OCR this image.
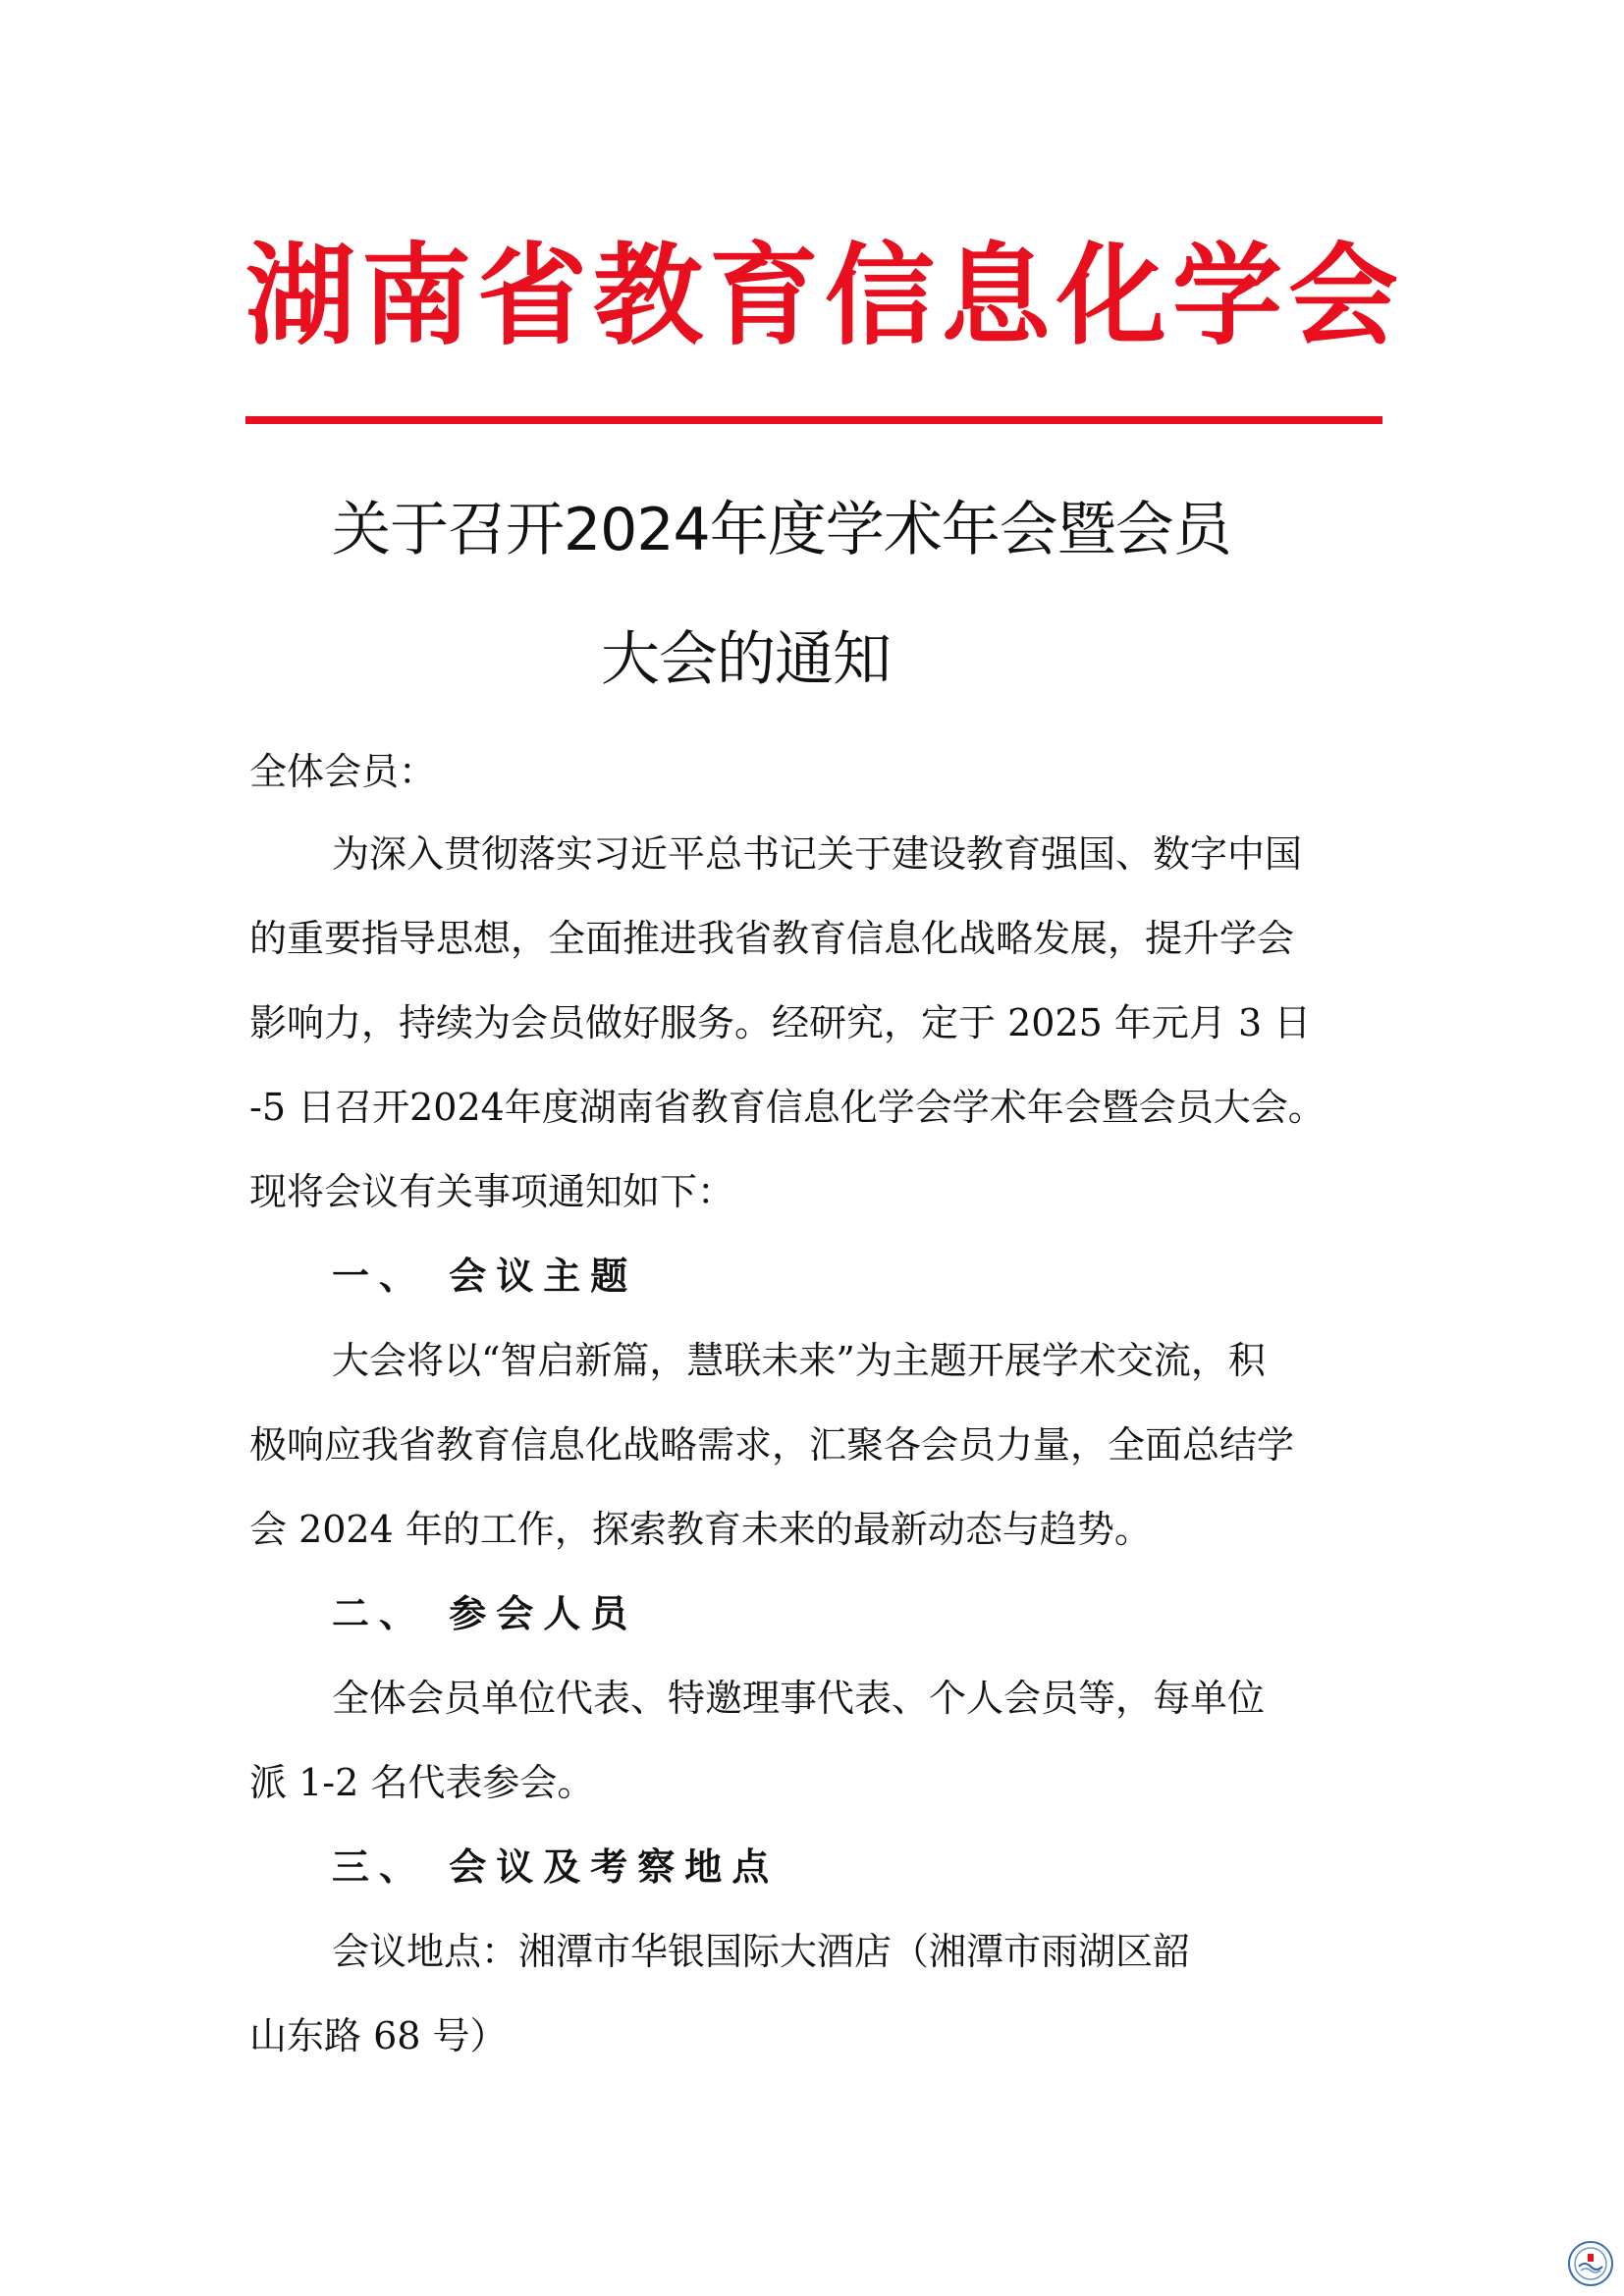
湖南省教育信息化学会
关于召开2024年度学术年会暨会员
大会的通知
全体会员：
为深入贯彻落实习近平总书记关于建设教育强国、数字中国
的重要指导思想，全面推进我省教育信息化战略发展，提升学会
影响力，持续为会员做好服务。经研究，定于 2025 年元月 3 日
-5 日召开2024年度湖南省教育信息化学会学术年会暨会员大会。
现将会议有关事项通知如下：
一、 会议主题
大会将以“智启新篇，慧联未来”为主题开展学术交流，积
极响应我省教育信息化战略需求，汇聚各会员力量，全面总结学
会 2024 年的工作，探索教育未来的最新动态与趋势。
二、 参会人员
全体会员单位代表、特邀理事代表、个人会员等，每单位
派 1-2 名代表参会。
三、 会议及考察地点
会议地点：湘潭市华银国际大酒店（湘潭市雨湖区韶
山东路 68 号）
